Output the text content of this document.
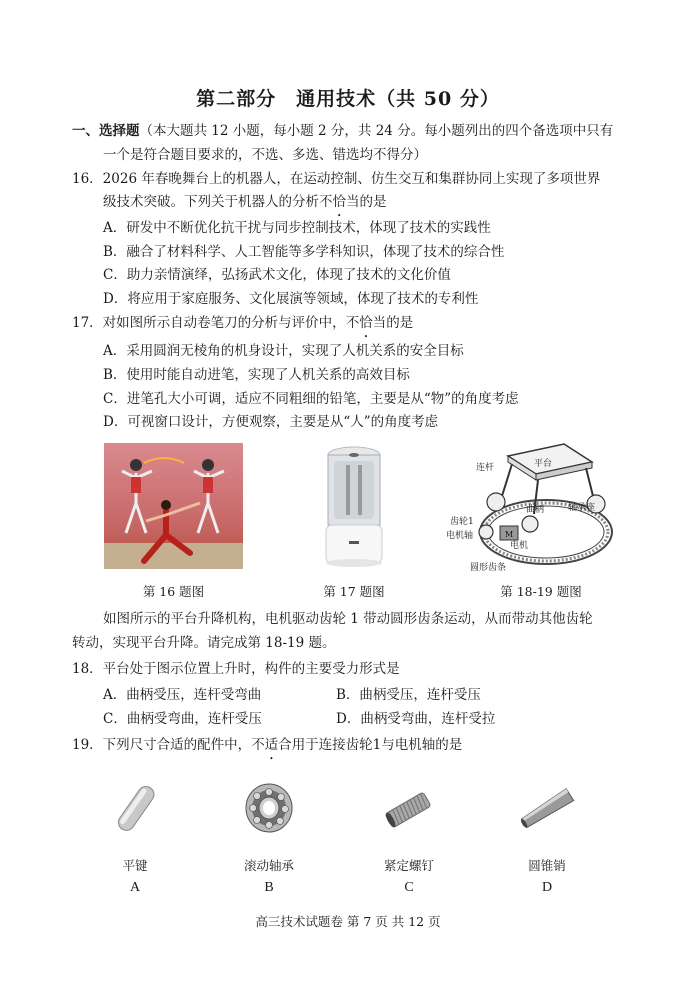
第二部分　通用技术（共 50 分）
一、选择题（本大题共 12 小题，每小题 2 分，共 24 分。每小题列出的四个备选项中只有
一个是符合题目要求的，不选、多选、错选均不得分）
16．2026 年春晚舞台上的机器人，在运动控制、仿生交互和集群协同上实现了多项世界
级技术突破。下列关于机器人的分析不恰当的是
A．研发中不断优化抗干扰与同步控制技术，体现了技术的实践性
B．融合了材料科学、人工智能等多学科知识，体现了技术的综合性
C．助力亲情演绎，弘扬武术文化，体现了技术的文化价值
D．将应用于家庭服务、文化展演等领域，体现了技术的专利性
17．对如图所示自动卷笔刀的分析与评价中，不恰当的是
A．采用圆润无棱角的机身设计，实现了人机关系的安全目标
B．使用时能自动进笔，实现了人机关系的高效目标
C．进笔孔大小可调，适应不同粗细的铅笔，主要是从“物”的角度考虑
D．可视窗口设计，方便观察，主要是从“人”的角度考虑
第 16 题图	第 17 题图
M
平台
连杆
曲柄	轴承座
齿轮1
电机轴
电机
圆形齿条
第 18-19 题图
如图所示的平台升降机构，电机驱动齿轮 1 带动圆形齿条运动，从而带动其他齿轮
转动，实现平台升降。请完成第 18-19 题。
18．平台处于图示位置上升时，构件的主要受力形式是
A．曲柄受压，连杆受弯曲	B．曲柄受压，连杆受压
C．曲柄受弯曲，连杆受压	D．曲柄受弯曲，连杆受拉
19．下列尺寸合适的配件中，不适合用于连接齿轮1与电机轴的是
平键	滚动轴承	紧定螺钉	圆锥销
A	B	C	D
高三技术试题卷 第 7 页 共 12 页
